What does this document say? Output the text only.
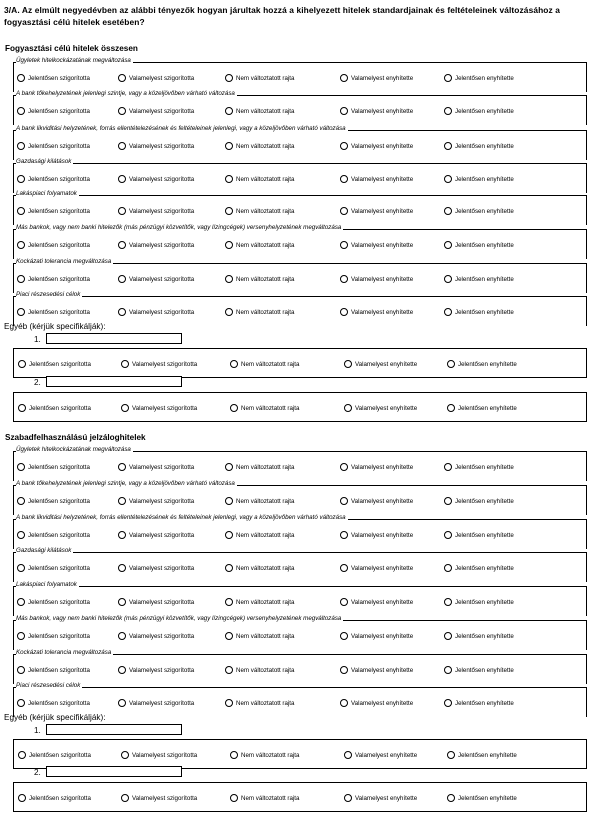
3/A. Az elmúlt negyedévben az alábbi tényezők hogyan járultak hozzá a kihelyezett hitelek standardjainak és feltételeinek változásához a fogyasztási célú hitelek esetében?
Fogyasztási célú hitelek összesen
Ügyletek hitelkockázatának megváltozása
Jelentősen szigorította	Valamelyest szigorította	Nem változtatott rajta	Valamelyest enyhítette	Jelentősen enyhítette
A bank tőkehelyzetének jelenlegi szintje, vagy a közeljövőben várható változása
Jelentősen szigorította	Valamelyest szigorította	Nem változtatott rajta	Valamelyest enyhítette	Jelentősen enyhítette
A bank likviditási helyzetének, forrás ellentételezésének és feltételeinek jelenlegi, vagy a közeljövőben várható változása
Jelentősen szigorította	Valamelyest szigorította	Nem változtatott rajta	Valamelyest enyhítette	Jelentősen enyhítette
Gazdasági kilátások
Jelentősen szigorította	Valamelyest szigorította	Nem változtatott rajta	Valamelyest enyhítette	Jelentősen enyhítette
Lakáspiaci folyamatok
Jelentősen szigorította	Valamelyest szigorította	Nem változtatott rajta	Valamelyest enyhítette	Jelentősen enyhítette
Más bankok, vagy nem banki hitelezők (más pénzügyi közvetítők, vagy lízingcégek) versenyhelyzetének megváltozása
Jelentősen szigorította	Valamelyest szigorította	Nem változtatott rajta	Valamelyest enyhítette	Jelentősen enyhítette
Kockázati tolerancia megváltozása
Jelentősen szigorította	Valamelyest szigorította	Nem változtatott rajta	Valamelyest enyhítette	Jelentősen enyhítette
Piaci részesedési célok
Jelentősen szigorította	Valamelyest szigorította	Nem változtatott rajta	Valamelyest enyhítette	Jelentősen enyhítette
Egyéb (kérjük specifikálják):
1.
Jelentősen szigorította	Valamelyest szigorította	Nem változtatott rajta	Valamelyest enyhítette	Jelentősen enyhítette
2.
Jelentősen szigorította	Valamelyest szigorította	Nem változtatott rajta	Valamelyest enyhítette	Jelentősen enyhítette
Szabadfelhasználású jelzáloghitelek
Ügyletek hitelkockázatának megváltozása
Jelentősen szigorította	Valamelyest szigorította	Nem változtatott rajta	Valamelyest enyhítette	Jelentősen enyhítette
A bank tőkehelyzetének jelenlegi szintje, vagy a közeljövőben várható változása
Jelentősen szigorította	Valamelyest szigorította	Nem változtatott rajta	Valamelyest enyhítette	Jelentősen enyhítette
A bank likviditási helyzetének, forrás ellentételezésének és feltételeinek jelenlegi, vagy a közeljövőben várható változása
Jelentősen szigorította	Valamelyest szigorította	Nem változtatott rajta	Valamelyest enyhítette	Jelentősen enyhítette
Gazdasági kilátások
Jelentősen szigorította	Valamelyest szigorította	Nem változtatott rajta	Valamelyest enyhítette	Jelentősen enyhítette
Lakáspiaci folyamatok
Jelentősen szigorította	Valamelyest szigorította	Nem változtatott rajta	Valamelyest enyhítette	Jelentősen enyhítette
Más bankok, vagy nem banki hitelezők (más pénzügyi közvetítők, vagy lízingcégek) versenyhelyzetének megváltozása
Jelentősen szigorította	Valamelyest szigorította	Nem változtatott rajta	Valamelyest enyhítette	Jelentősen enyhítette
Kockázati tolerancia megváltozása
Jelentősen szigorította	Valamelyest szigorította	Nem változtatott rajta	Valamelyest enyhítette	Jelentősen enyhítette
Piaci részesedési célok
Jelentősen szigorította	Valamelyest szigorította	Nem változtatott rajta	Valamelyest enyhítette	Jelentősen enyhítette
Egyéb (kérjük specifikálják):
1.
Jelentősen szigorította	Valamelyest szigorította	Nem változtatott rajta	Valamelyest enyhítette	Jelentősen enyhítette
2.
Jelentősen szigorította	Valamelyest szigorította	Nem változtatott rajta	Valamelyest enyhítette	Jelentősen enyhítette
